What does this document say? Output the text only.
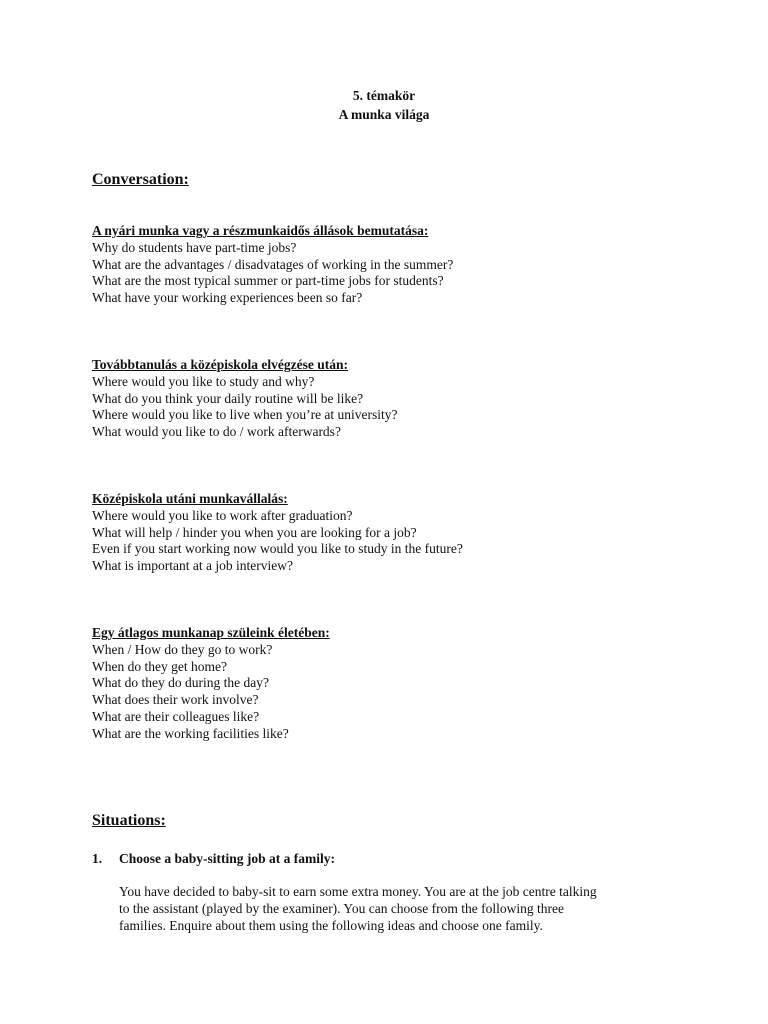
5. témakör
A munka világa
Conversation:
A nyári munka vagy a részmunkaidős állások bemutatása:
Why do students have part-time jobs?
What are the advantages / disadvatages of working in the summer?
What are the most typical summer or part-time jobs for students?
What have your working experiences been so far?
Továbbtanulás a középiskola elvégzése után:
Where would you like to study and why?
What do you think your daily routine will be like?
Where would you like to live when you’re at university?
What would you like to do / work afterwards?
Középiskola utáni munkavállalás:
Where would you like to work after graduation?
What will help / hinder you when you are looking for a job?
Even if you start working now would you like to study in the future?
What is important at a job interview?
Egy átlagos munkanap szüleink életében:
When / How do they go to work?
When do they get home?
What do they do during the day?
What does their work involve?
What are their colleagues like?
What are the working facilities like?
Situations:
1. Choose a baby-sitting job at a family:
You have decided to baby-sit to earn some extra money. You are at the job centre talking
to the assistant (played by the examiner). You can choose from the following three
families. Enquire about them using the following ideas and choose one family.
